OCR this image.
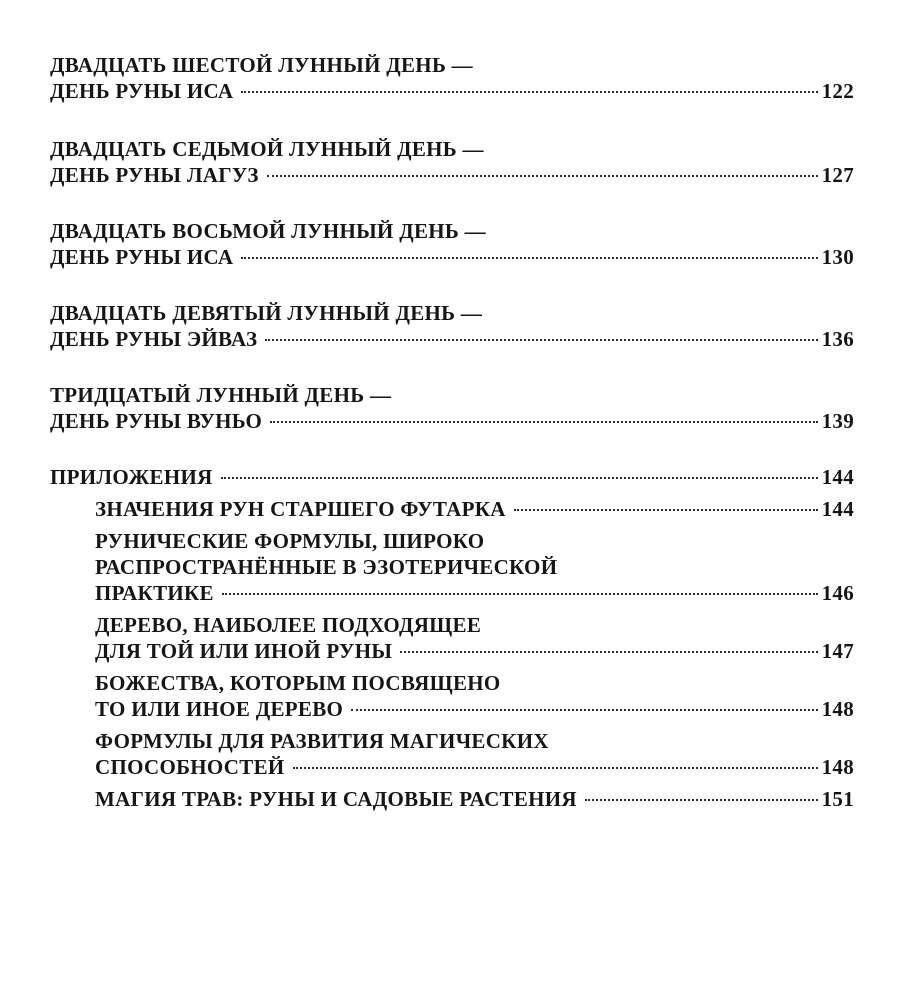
ДВАДЦАТЬ ШЕСТОЙ ЛУННЫЙ ДЕНЬ —
ДЕНЬ РУНЫ ИСА	122
ДВАДЦАТЬ СЕДЬМОЙ ЛУННЫЙ ДЕНЬ —
ДЕНЬ РУНЫ ЛАГУЗ	127
ДВАДЦАТЬ ВОСЬМОЙ ЛУННЫЙ ДЕНЬ —
ДЕНЬ РУНЫ ИСА	130
ДВАДЦАТЬ ДЕВЯТЫЙ ЛУННЫЙ ДЕНЬ —
ДЕНЬ РУНЫ ЭЙВАЗ	136
ТРИДЦАТЫЙ ЛУННЫЙ ДЕНЬ —
ДЕНЬ РУНЫ ВУНЬО	139
ПРИЛОЖЕНИЯ	144
ЗНАЧЕНИЯ РУН СТАРШЕГО ФУТАРКА	144
РУНИЧЕСКИЕ ФОРМУЛЫ, ШИРОКО
РАСПРОСТРАНЁННЫЕ В ЭЗОТЕРИЧЕСКОЙ
ПРАКТИКЕ	146
ДЕРЕВО, НАИБОЛЕЕ ПОДХОДЯЩЕЕ
ДЛЯ ТОЙ ИЛИ ИНОЙ РУНЫ	147
БОЖЕСТВА, КОТОРЫМ ПОСВЯЩЕНО
ТО ИЛИ ИНОЕ ДЕРЕВО	148
ФОРМУЛЫ ДЛЯ РАЗВИТИЯ МАГИЧЕСКИХ
СПОСОБНОСТЕЙ	148
МАГИЯ ТРАВ: РУНЫ И САДОВЫЕ РАСТЕНИЯ	151
